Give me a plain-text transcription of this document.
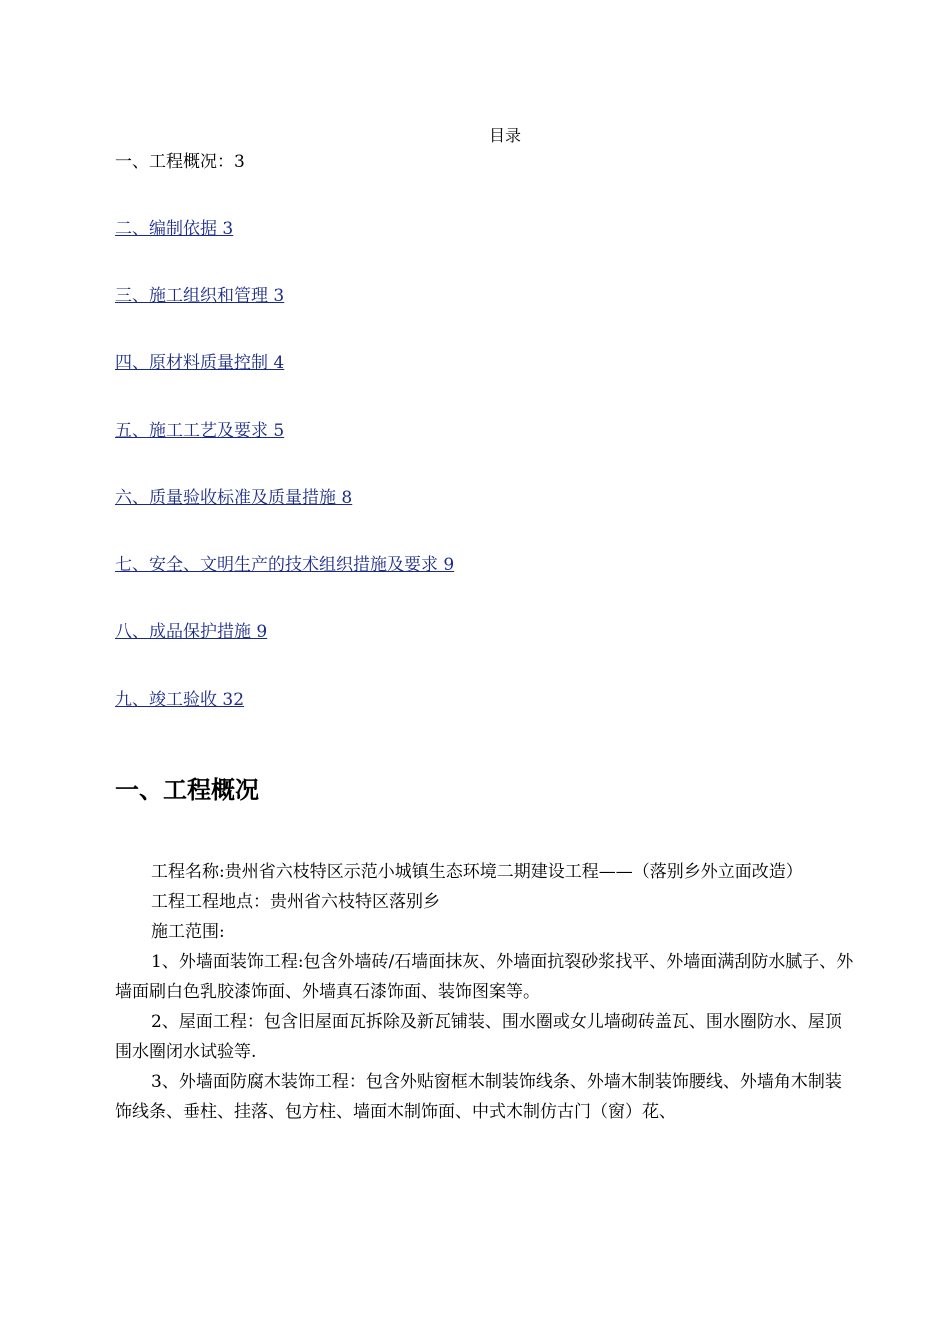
目录
一、工程概况：3
二、编制依据 3
三、施工组织和管理 3
四、原材料质量控制 4
五、施工工艺及要求 5
六、质量验收标准及质量措施 8
七、安全、文明生产的技术组织措施及要求 9
八、成品保护措施 9
九、竣工验收 32
一、工程概况

工程名称:贵州省六枝特区示范小城镇生态环境二期建设工程——（落别乡外立面改造）

工程工程地点：贵州省六枝特区落别乡

施工范围:

1、外墙面装饰工程:包含外墙砖/石墙面抹灰、外墙面抗裂砂浆找平、外墙面满刮防水腻子、外墙面刷白色乳胶漆饰面、外墙真石漆饰面、装饰图案等。

2、屋面工程：包含旧屋面瓦拆除及新瓦铺装、围水圈或女儿墙砌砖盖瓦、围水圈防水、屋顶围水圈闭水试验等.

3、外墙面防腐木装饰工程：包含外贴窗框木制装饰线条、外墙木制装饰腰线、外墙角木制装饰线条、垂柱、挂落、包方柱、墙面木制饰面、中式木制仿古门（窗）花、
